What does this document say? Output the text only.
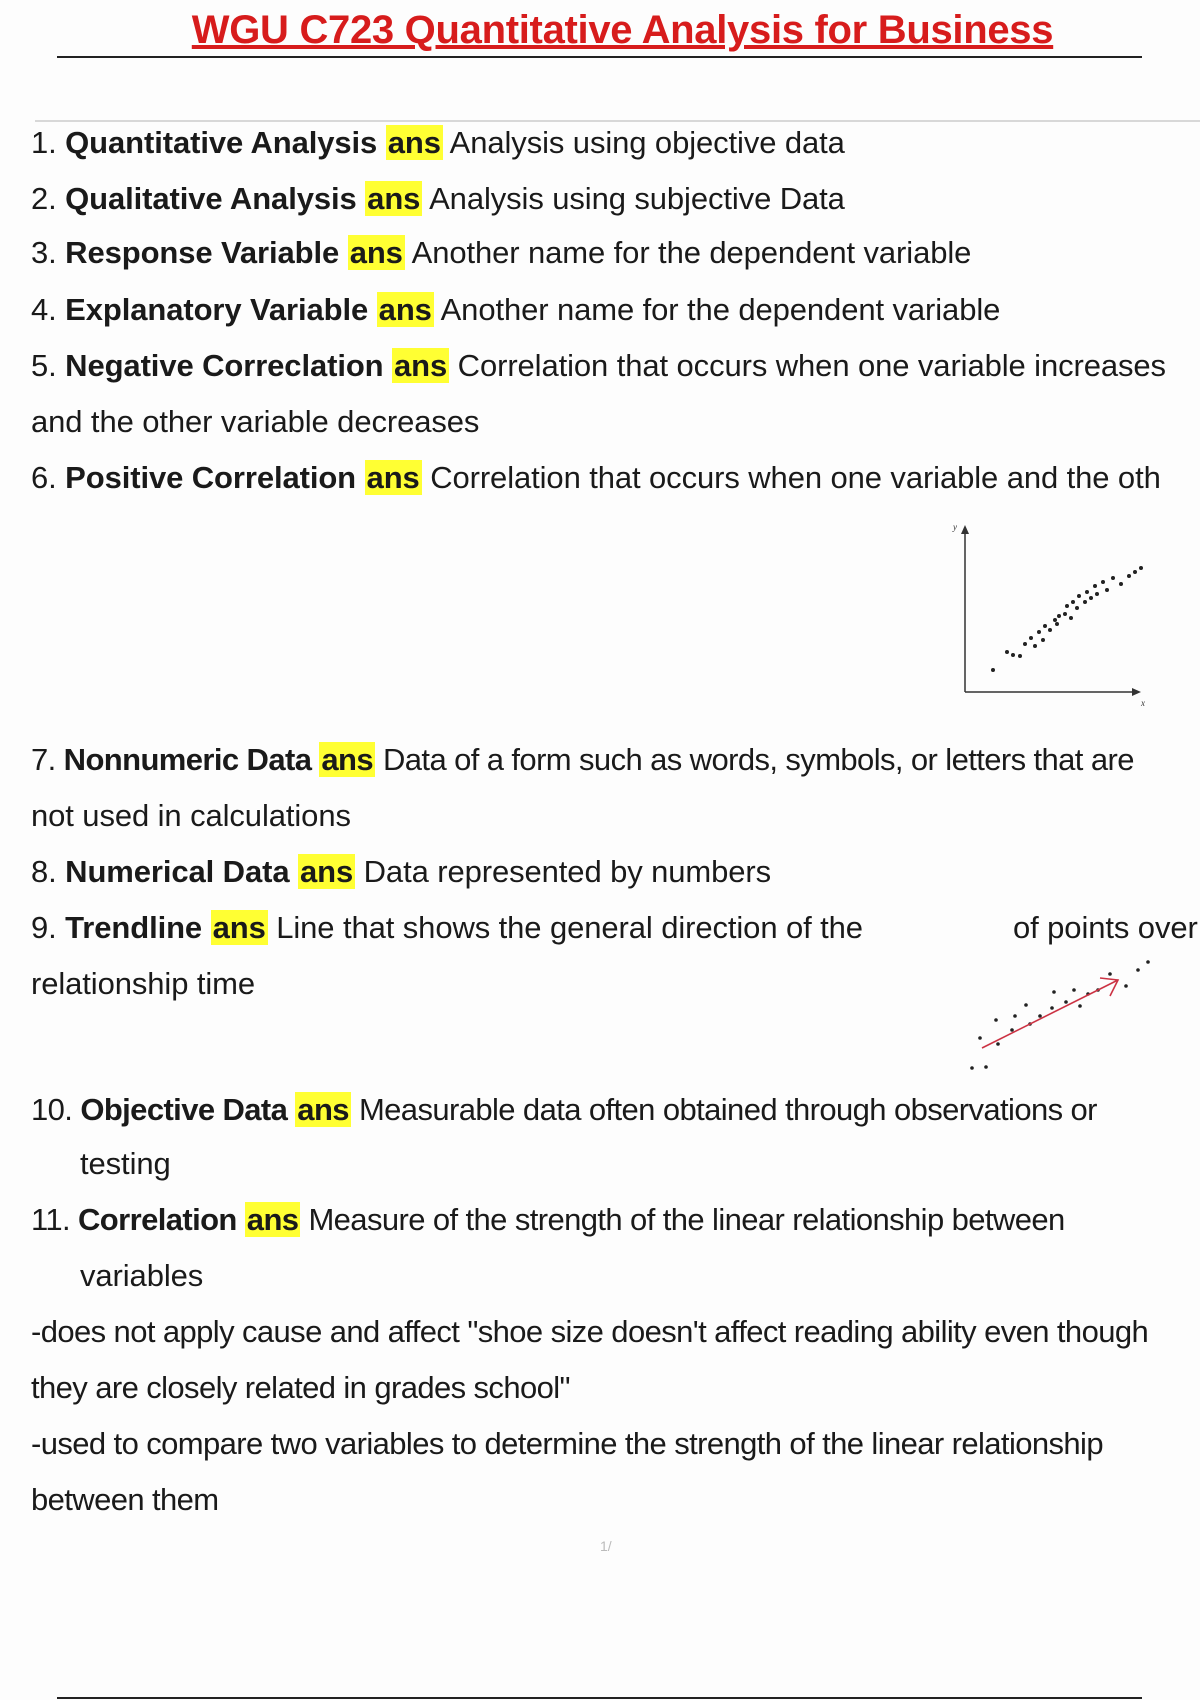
WGU C723 Quantitative Analysis for Business
1. Quantitative Analysis ans Analysis using objective data
2. Qualitative Analysis ans Analysis using subjective Data
3. Response Variable ans Another name for the dependent variable
4. Explanatory Variable ans Another name for the dependent variable
5. Negative Correclation ans Correlation that occurs when one variable increases
and the other variable decreases
6. Positive Correlation ans Correlation that occurs when one variable and the oth
y
x
7. Nonnumeric Data ans Data of a form such as words, symbols, or letters that are
not used in calculations
8. Numerical Data ans Data represented by numbers
9. Trendline ans Line that shows the general direction of the	of points over
relationship time
10. Objective Data ans Measurable data often obtained through observations or
testing
11. Correlation ans Measure of the strength of the linear relationship between
variables
-does not apply cause and affect "shoe size doesn't affect reading ability even though
they are closely related in grades school"
-used to compare two variables to determine the strength of the linear relationship
between them
1/
